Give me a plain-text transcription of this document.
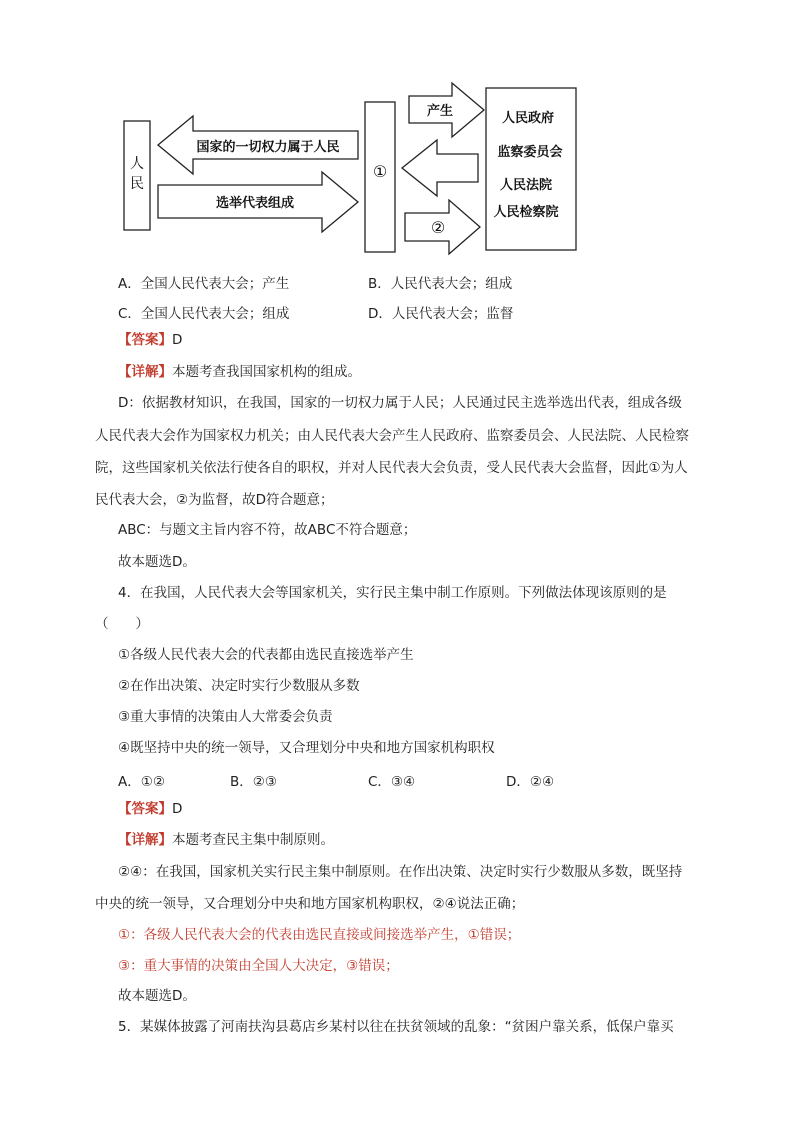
人
民
国家的一切权力属于人民
选举代表组成
①
产生
②
人民政府
监察委员会
人民法院
人民检察院
A．全国人民代表大会；产生	B．人民代表大会；组成
C．全国人民代表大会；组成	D．人民代表大会；监督
【答案】D
【详解】本题考查我国国家机构的组成。
D：依据教材知识，在我国，国家的一切权力属于人民；人民通过民主选举选出代表，组成各级
人民代表大会作为国家权力机关；由人民代表大会产生人民政府、监察委员会、人民法院、人民检察
院，这些国家机关依法行使各自的职权，并对人民代表大会负责，受人民代表大会监督，因此①为人
民代表大会，②为监督，故D符合题意；
ABC：与题文主旨内容不符，故ABC不符合题意；
故本题选D。
4．在我国，人民代表大会等国家机关，实行民主集中制工作原则。下列做法体现该原则的是
（　　）
①各级人民代表大会的代表都由选民直接选举产生
②在作出决策、决定时实行少数服从多数
③重大事情的决策由人大常委会负责
④既坚持中央的统一领导，又合理划分中央和地方国家机构职权
A．①②	B．②③	C．③④	D．②④
【答案】D
【详解】本题考查民主集中制原则。
②④：在我国，国家机关实行民主集中制原则。在作出决策、决定时实行少数服从多数，既坚持
中央的统一领导，又合理划分中央和地方国家机构职权，②④说法正确；
①：各级人民代表大会的代表由选民直接或间接选举产生，①错误；
③：重大事情的决策由全国人大决定，③错误；
故本题选D。
5．某媒体披露了河南扶沟县葛店乡某村以往在扶贫领域的乱象：“贫困户靠关系，低保户靠买
